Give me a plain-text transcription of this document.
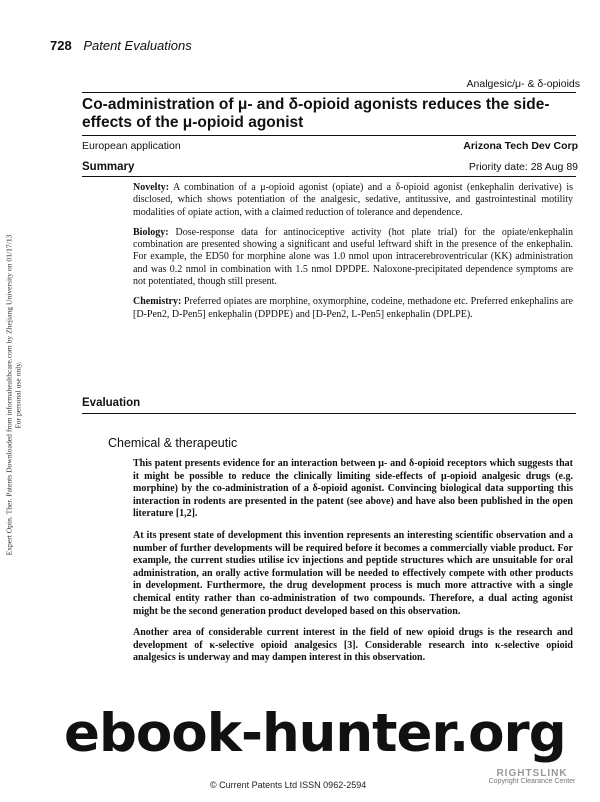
Expert Opin. Ther. Patents Downloaded from informahealthcare.com by Zhejiang University on 01/17/13 For personal use only.
728 Patent Evaluations
Analgesic/μ- & δ-opioids
Co-administration of μ- and δ-opioid agonists reduces the side-effects of the μ-opioid agonist
European application	Arizona Tech Dev Corp
Summary	Priority date: 28 Aug 89

Novelty: A combination of a μ-opioid agonist (opiate) and a δ-opioid agonist (enkephalin derivative) is disclosed, which shows potentiation of the analgesic, sedative, antitussive, and gastrointestinal motility modalities of opiate action, with a claimed reduction of tolerance and dependence.

Biology: Dose-response data for antinociceptive activity (hot plate trial) for the opiate/enkephalin combination are presented showing a significant and useful leftward shift in the presence of the enkephalin. For example, the ED50 for morphine alone was 1.0 nmol upon intracerebroventricular (KK) administration and was 0.2 nmol in combination with 1.5 nmol DPDPE. Naloxone-precipitated dependence symptoms are not potentiated, though still present.

Chemistry: Preferred opiates are morphine, oxymorphine, codeine, methadone etc. Preferred enkephalins are [D-Pen2, D-Pen5] enkephalin (DPDPE) and [D-Pen2, L-Pen5] enkephalin (DPLPE).

Evaluation
Chemical & therapeutic

This patent presents evidence for an interaction between μ- and δ-opioid receptors which suggests that it might be possible to reduce the clinically limiting side-effects of μ-opioid analgesic drugs (e.g. morphine) by the co-administration of a δ-opioid agonist. Convincing biological data supporting this interaction in rodents are presented in the patent (see above) and have also been published in the open literature [1,2].

At its present state of development this invention represents an interesting scientific observation and a number of further developments will be required before it becomes a commercially viable product. For example, the current studies utilise icv injections and peptide structures which are unsuitable for oral administration, an orally active formulation will be needed to effectively compete with other products in development. Furthermore, the drug development process is much more attractive with a single chemical entity rather than co-administration of two compounds. Therefore, a dual acting agonist might be the second generation product developed based on this observation.

Another area of considerable current interest in the field of new opioid drugs is the research and development of κ-selective opioid analgesics [3]. Considerable research into κ-selective opioid analgesics is underway and may dampen interest in this observation.

© Current Patents Ltd ISSN 0962-2594
ebook-hunter.org
RIGHTSLINK
Copyright Clearance Center
